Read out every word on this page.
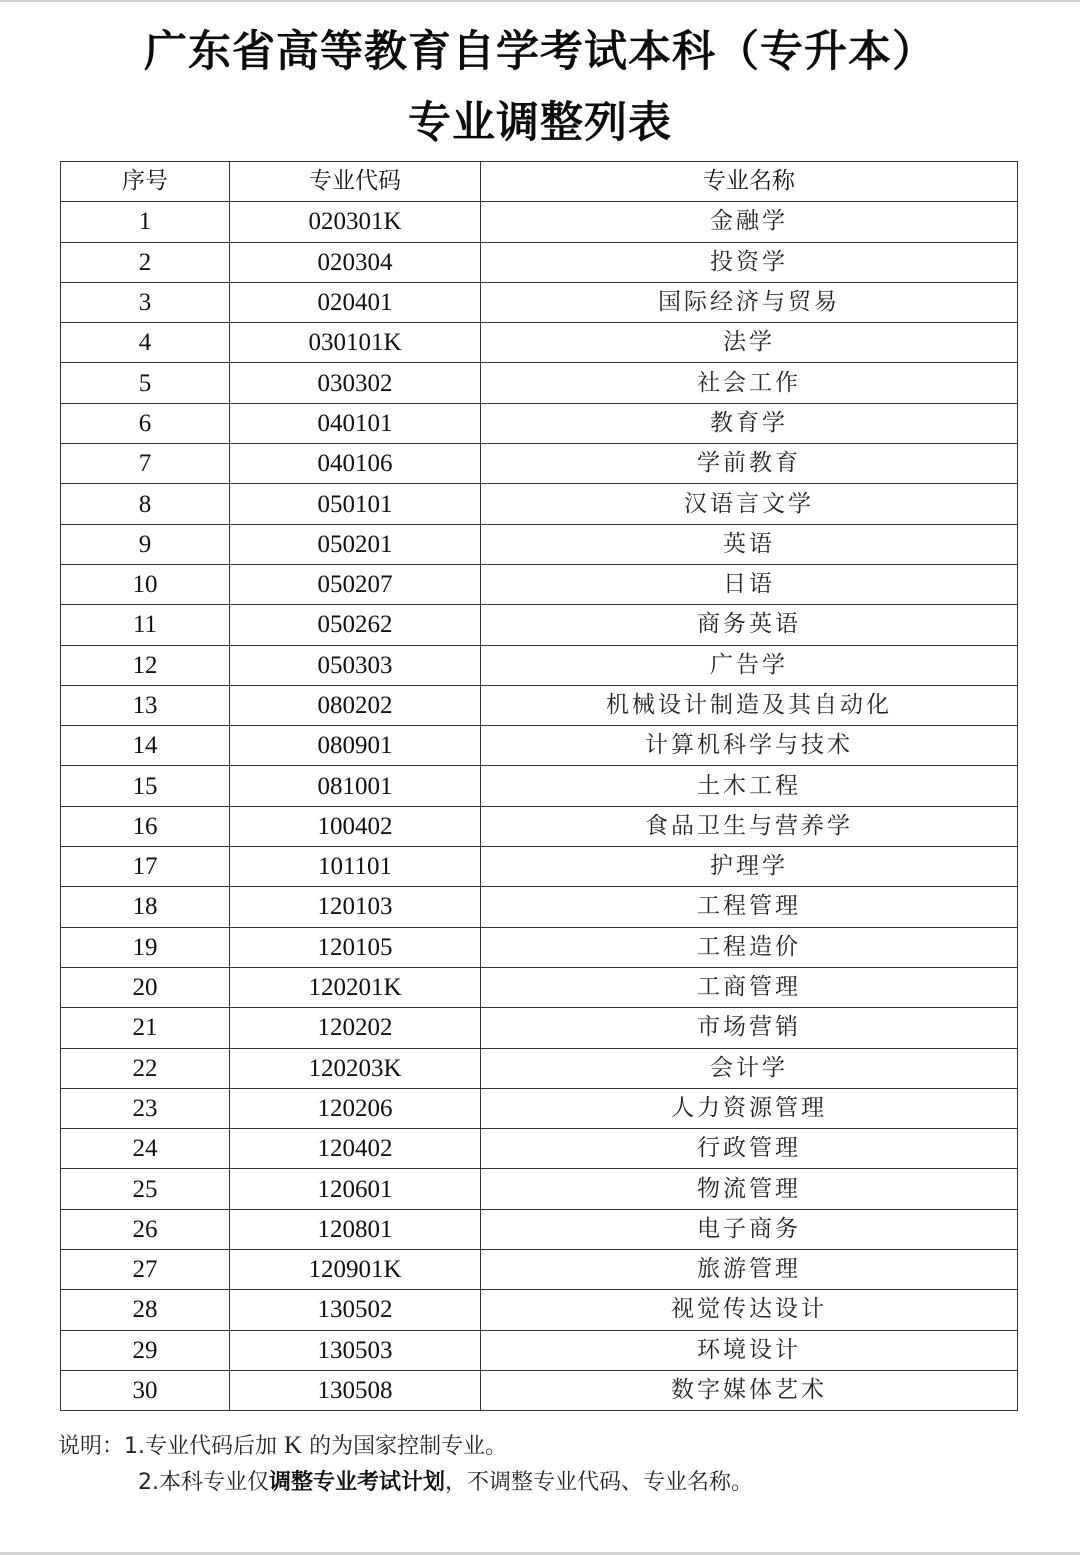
广东省高等教育自学考试本科（专升本）
专业调整列表
序号	专业代码	专业名称
1	020301K	金融学
2	020304	投资学
3	020401	国际经济与贸易
4	030101K	法学
5	030302	社会工作
6	040101	教育学
7	040106	学前教育
8	050101	汉语言文学
9	050201	英语
10	050207	日语
11	050262	商务英语
12	050303	广告学
13	080202	机械设计制造及其自动化
14	080901	计算机科学与技术
15	081001	土木工程
16	100402	食品卫生与营养学
17	101101	护理学
18	120103	工程管理
19	120105	工程造价
20	120201K	工商管理
21	120202	市场营销
22	120203K	会计学
23	120206	人力资源管理
24	120402	行政管理
25	120601	物流管理
26	120801	电子商务
27	120901K	旅游管理
28	130502	视觉传达设计
29	130503	环境设计
30	130508	数字媒体艺术
说明：1.专业代码后加 K 的为国家控制专业。
2.本科专业仅调整专业考试计划，不调整专业代码、专业名称。
